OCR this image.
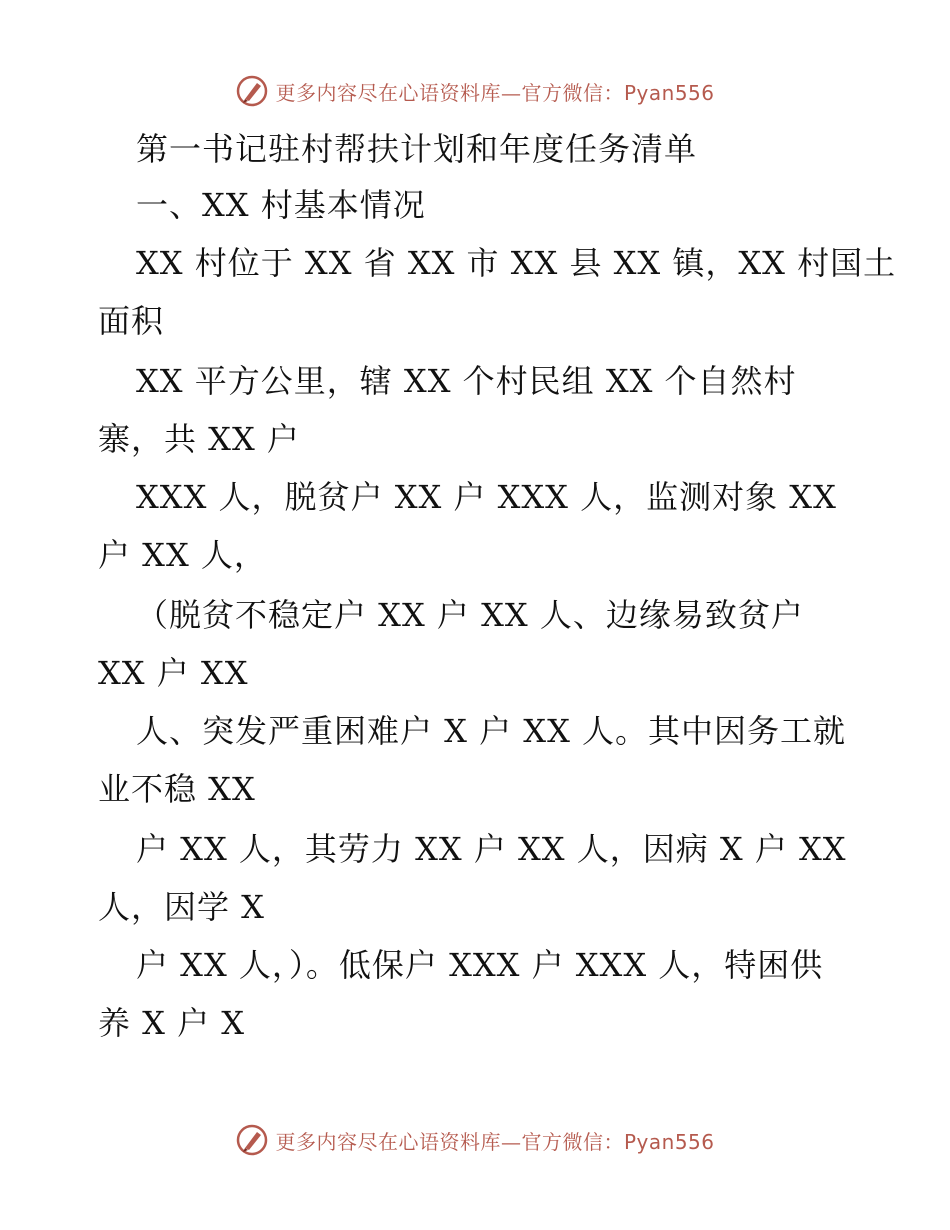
更多内容尽在心语资料库—官方微信：Pyan556
第一书记驻村帮扶计划和年度任务清单
一、XX 村基本情况
XX 村位于 XX 省 XX 市 XX 县 XX 镇，XX 村国土
面积
XX 平方公里，辖 XX 个村民组 XX 个自然村
寨，共 XX 户
XXX 人，脱贫户 XX 户 XXX 人，监测对象 XX
户 XX 人，
（脱贫不稳定户 XX 户 XX 人、边缘易致贫户
XX 户 XX
人、突发严重困难户 X 户 XX 人。其中因务工就
业不稳 XX
户 XX 人，其劳力 XX 户 XX 人，因病 X 户 XX
人，因学 X
户 XX 人，）。低保户 XXX 户 XXX 人，特困供
养 X 户 X
更多内容尽在心语资料库—官方微信：Pyan556
